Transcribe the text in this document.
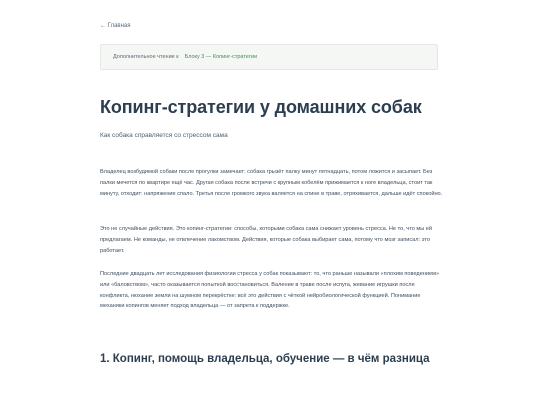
← Главная
Дополнительное чтение к Блоку 3 — Копинг-стратегии
Копинг-стратегии у домашних собак

Как собака справляется со стрессом сама

Владелец возбудимой собаки после прогулки замечает: собака грызёт палку минут пятнадцать, потом ложится и засыпает. Без палки мечется по квартире ещё час. Другая собака после встречи с крупным кобелём прижимается к ноге владельца, стоит так минуту, отходит: напряжение спало. Третья после громкого звука валяется на спине в траве, отряхивается, дальше идёт спокойно.

Это не случайные действия. Это копинг-стратегии: способы, которыми собака сама снижает уровень стресса. Не то, что мы ей предлагаем. Не команды, не отвлечение лакомством. Действия, которые собака выбирает сама, потому что мозг записал: это работает.

Последние двадцать лет исследования физиологии стресса у собак показывают: то, что раньше называли «плохим поведением» или «баловством», часто оказывается попыткой восстановиться. Валение в траве после испуга, жевание игрушки после конфликта, нюхание земли на шумном перекрёстке: всё это действия с чёткой нейробиологической функцией. Понимание механики копингов меняет подход владельца — от запрета к поддержке.

1. Копинг, помощь владельца, обучение — в чём разница
